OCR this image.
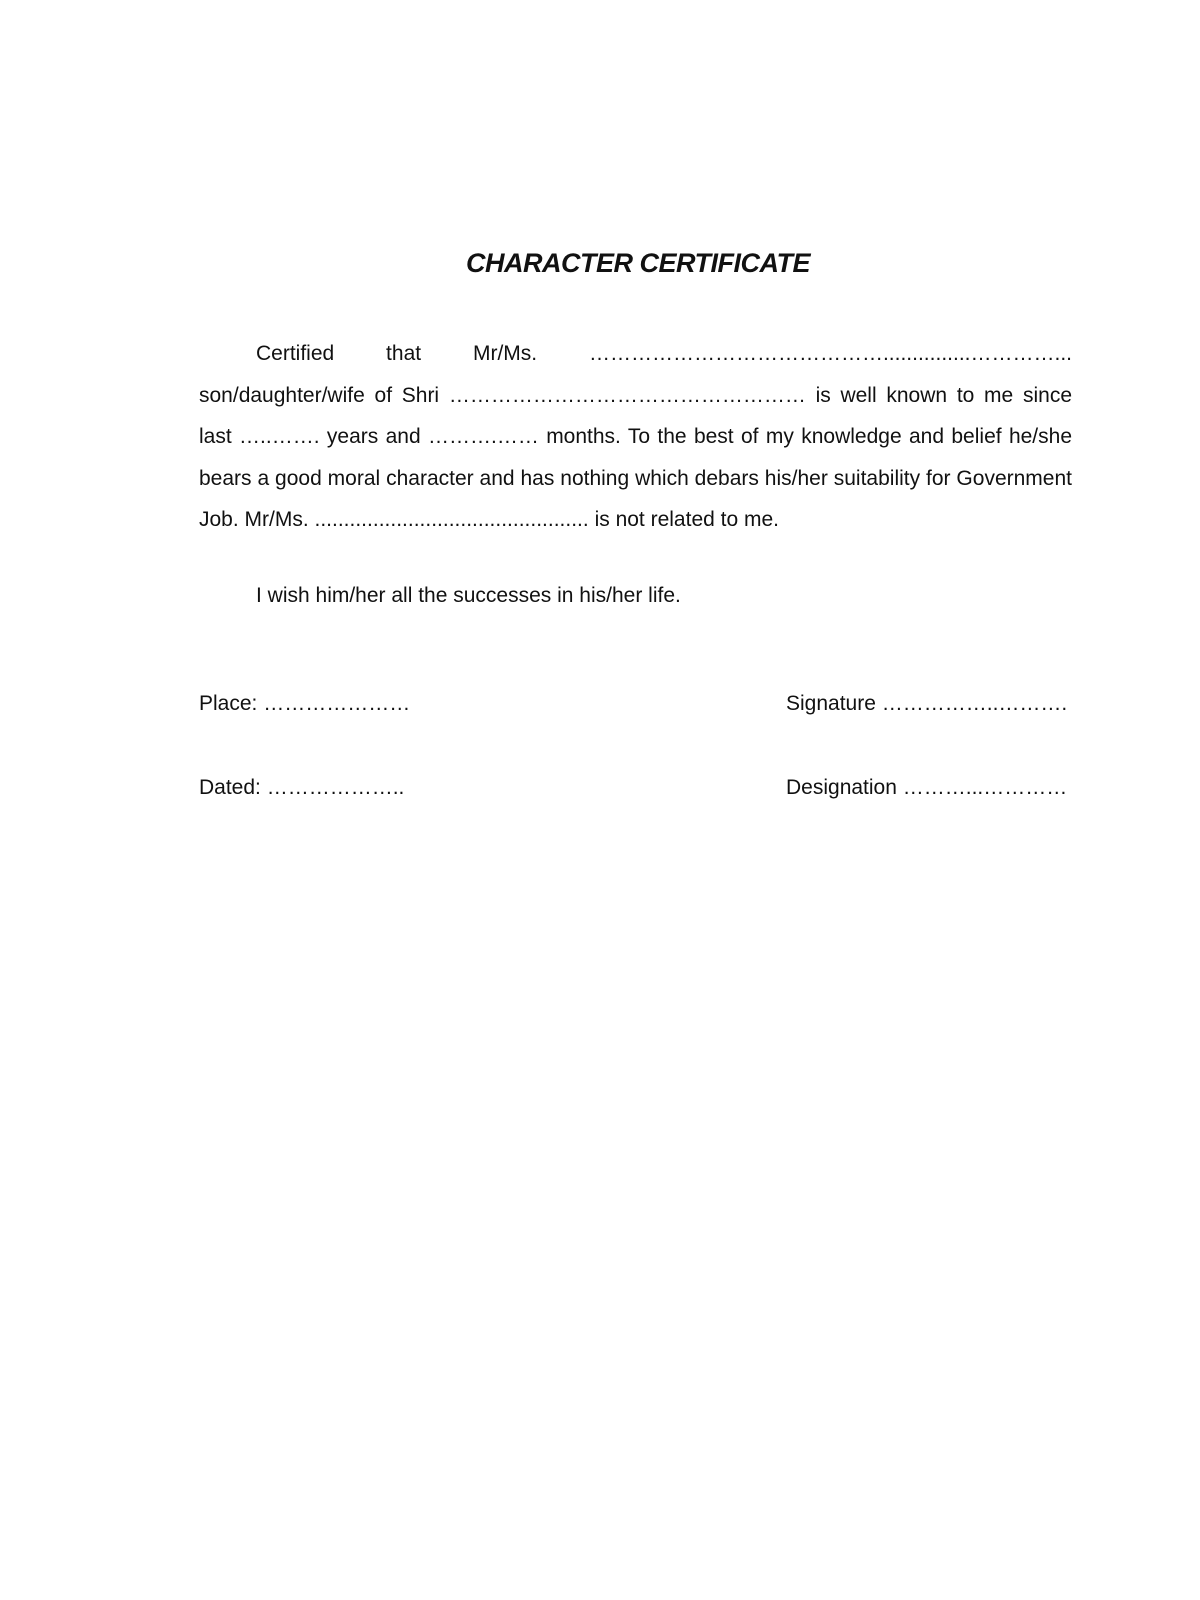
CHARACTER CERTIFICATE

Certified that Mr/Ms. ……………………………………...............…………... son/daughter/wife of Shri …………………………………………… is well known to me since last …..……. years and ……….…… months. To the best of my knowledge and belief he/she bears a good moral character and has nothing which debars his/her suitability for Government Job. Mr/Ms. ............................................... is not related to me.

I wish him/her all the successes in his/her life.

Place: …………………	Signature ……………..……….

Dated: ………………..	Designation ………...…………
